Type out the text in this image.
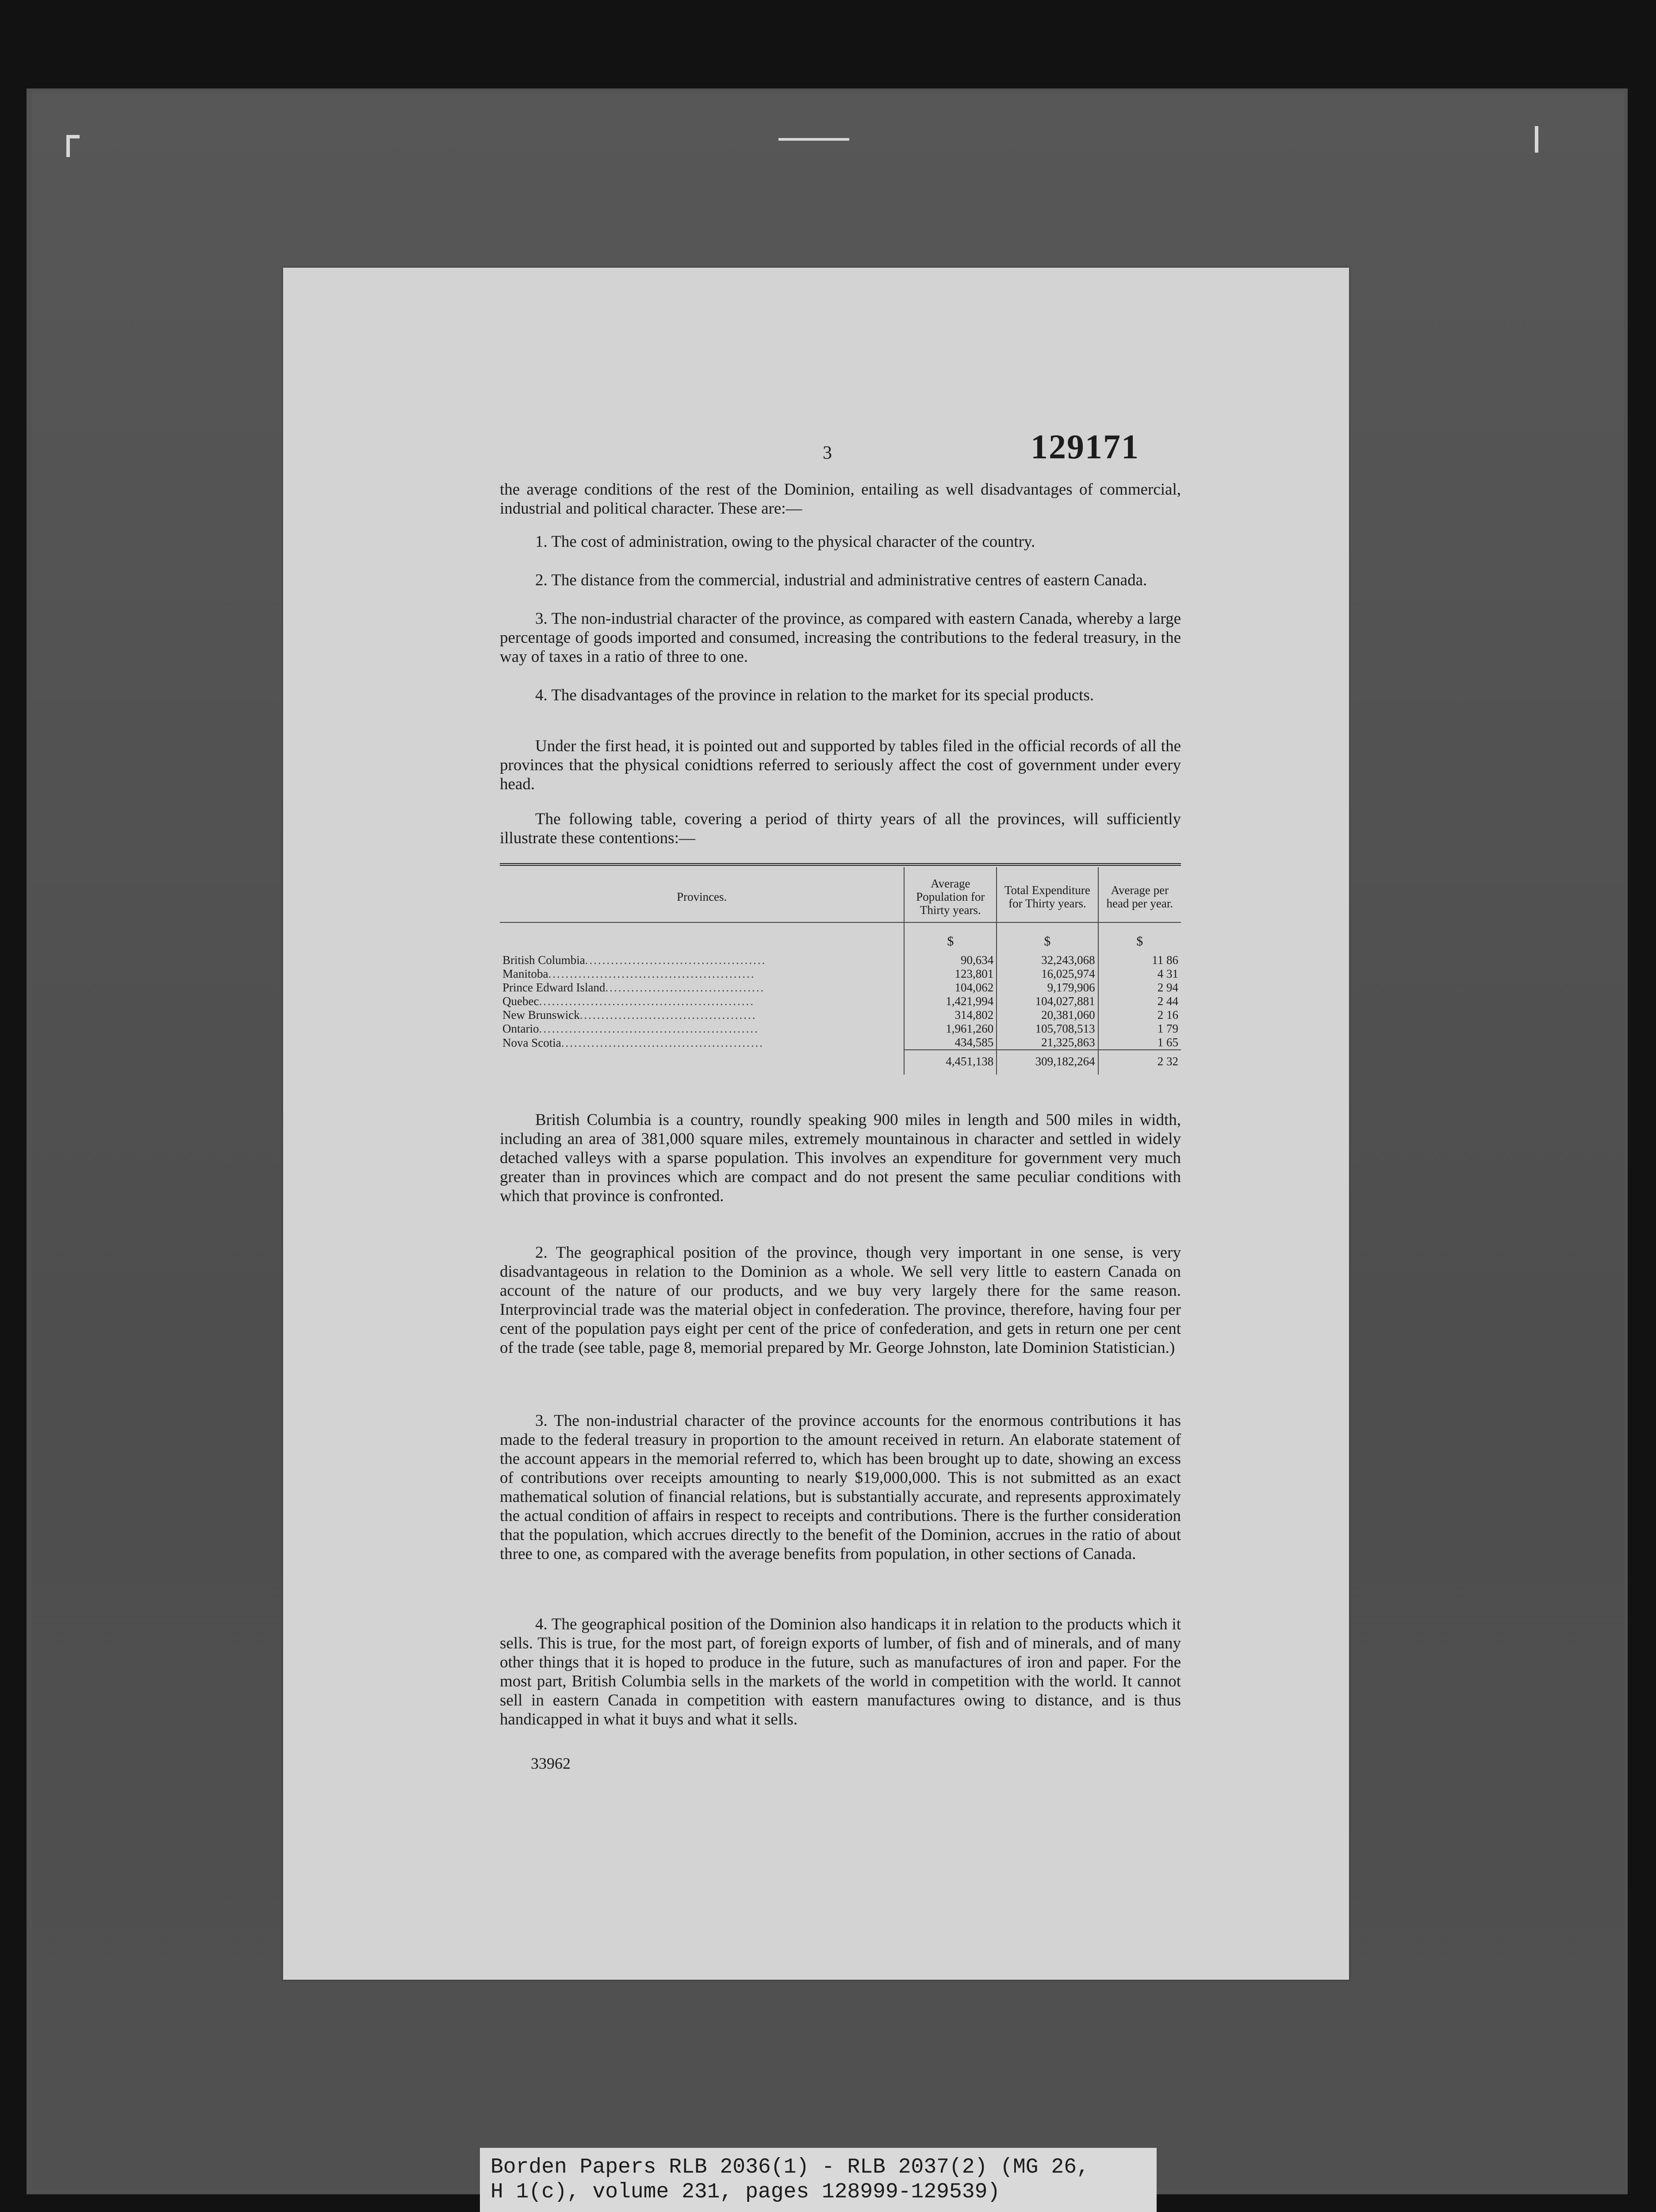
3	129171

the average conditions of the rest of the Dominion, entailing as well disadvantages of commercial, industrial and political character. These are:—

1. The cost of administration, owing to the physical character of the country.

2. The distance from the commercial, industrial and administrative centres of eastern Canada.

3. The non-industrial character of the province, as compared with eastern Canada, whereby a large percentage of goods imported and consumed, increasing the contributions to the federal treasury, in the way of taxes in a ratio of three to one.

4. The disadvantages of the province in relation to the market for its special products.

Under the first head, it is pointed out and supported by tables filed in the official records of all the provinces that the physical conidtions referred to seriously affect the cost of government under every head.

The following table, covering a period of thirty years of all the provinces, will sufficiently illustrate these contentions:—

Provinces.	Average Population for Thirty years.	Total Expenditure for Thirty years.	Average per head per year.
	$	$	$
British Columbia..........................................	90,634	32,243,068	11 86
Manitoba................................................	123,801	16,025,974	4 31
Prince Edward Island.....................................	104,062	9,179,906	2 94
Quebec..................................................	1,421,994	104,027,881	2 44
New Brunswick.........................................	314,802	20,381,060	2 16
Ontario...................................................	1,961,260	105,708,513	1 79
Nova Scotia...............................................	434,585	21,325,863	1 65
	4,451,138	309,182,264	2 32

British Columbia is a country, roundly speaking 900 miles in length and 500 miles in width, including an area of 381,000 square miles, extremely mountainous in character and settled in widely detached valleys with a sparse population. This involves an expenditure for government very much greater than in provinces which are compact and do not present the same peculiar conditions with which that province is confronted.

2. The geographical position of the province, though very important in one sense, is very disadvantageous in relation to the Dominion as a whole. We sell very little to eastern Canada on account of the nature of our products, and we buy very largely there for the same reason. Interprovincial trade was the material object in confederation. The province, therefore, having four per cent of the population pays eight per cent of the price of confederation, and gets in return one per cent of the trade (see table, page 8, memorial prepared by Mr. George Johnston, late Dominion Statistician.)

3. The non-industrial character of the province accounts for the enormous contributions it has made to the federal treasury in proportion to the amount received in return. An elaborate statement of the account appears in the memorial referred to, which has been brought up to date, showing an excess of contributions over receipts amounting to nearly $19,000,000. This is not submitted as an exact mathematical solution of financial relations, but is substantially accurate, and represents approximately the actual condition of affairs in respect to receipts and contributions. There is the further consideration that the population, which accrues directly to the benefit of the Dominion, accrues in the ratio of about three to one, as compared with the average benefits from population, in other sections of Canada.

4. The geographical position of the Dominion also handicaps it in relation to the products which it sells. This is true, for the most part, of foreign exports of lumber, of fish and of minerals, and of many other things that it is hoped to produce in the future, such as manufactures of iron and paper. For the most part, British Columbia sells in the markets of the world in competition with the world. It cannot sell in eastern Canada in competition with eastern manufactures owing to distance, and is thus handicapped in what it buys and what it sells.

33962
Borden Papers RLB 2036(1) - RLB 2037(2) (MG 26,
H 1(c), volume 231, pages 128999-129539)
